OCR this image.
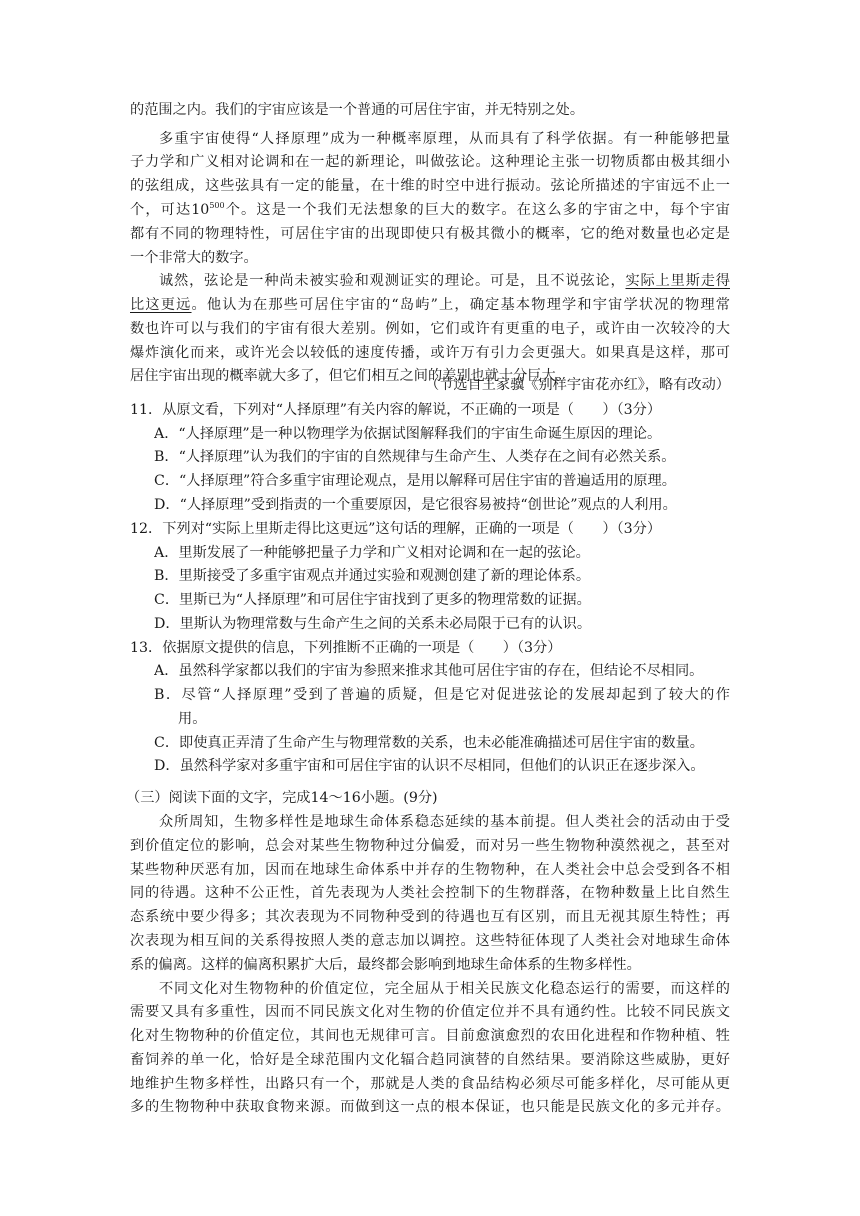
的范围之内。我们的宇宙应该是一个普通的可居住宇宙，并无特别之处。
多重宇宙使得“人择原理”成为一种概率原理，从而具有了科学依据。有一种能够把量
子力学和广义相对论调和在一起的新理论，叫做弦论。这种理论主张一切物质都由极其细小
的弦组成，这些弦具有一定的能量，在十维的时空中进行振动。弦论所描述的宇宙远不止一
个，可达$10^{500}$个。这是一个我们无法想象的巨大的数字。在这么多的宇宙之中，每个宇宙
都有不同的物理特性，可居住宇宙的出现即使只有极其微小的概率，它的绝对数量也必定是
一个非常大的数字。
诚然，弦论是一种尚未被实验和观测证实的理论。可是，且不说弦论，实际上里斯走得
比这更远。他认为在那些可居住宇宙的“岛屿”上，确定基本物理学和宇宙学状况的物理常
数也许可以与我们的宇宙有很大差别。例如，它们或许有更重的电子，或许由一次较冷的大
爆炸演化而来，或许光会以较低的速度传播，或许万有引力会更强大。如果真是这样，那可
居住宇宙出现的概率就大多了，但它们相互之间的差别也就十分巨大。
（节选自王家骥《别样宇宙花亦红》，略有改动）
11．从原文看，下列对“人择原理”有关内容的解说，不正确的一项是（　　）（3分）
A．“人择原理”是一种以物理学为依据试图解释我们的宇宙生命诞生原因的理论。
B．“人择原理”认为我们的宇宙的自然规律与生命产生、人类存在之间有必然关系。
C．“人择原理”符合多重宇宙理论观点，是用以解释可居住宇宙的普遍适用的原理。
D．“人择原理”受到指责的一个重要原因，是它很容易被持“创世论”观点的人利用。
12．下列对“实际上里斯走得比这更远”这句话的理解，正确的一项是（　　）（3分）
A．里斯发展了一种能够把量子力学和广义相对论调和在一起的弦论。
B．里斯接受了多重宇宙观点并通过实验和观测创建了新的理论体系。
C．里斯已为“人择原理”和可居住宇宙找到了更多的物理常数的证据。
D．里斯认为物理常数与生命产生之间的关系未必局限于已有的认识。
13．依据原文提供的信息，下列推断不正确的一项是（　　）（3分）
A．虽然科学家都以我们的宇宙为参照来推求其他可居住宇宙的存在，但结论不尽相同。
B．尽管“人择原理”受到了普遍的质疑，但是它对促进弦论的发展却起到了较大的作
用。
C．即使真正弄清了生命产生与物理常数的关系，也未必能准确描述可居住宇宙的数量。
D．虽然科学家对多重宇宙和可居住宇宙的认识不尽相同，但他们的认识正在逐步深入。
（三）阅读下面的文字，完成14～16小题。(9分)
众所周知，生物多样性是地球生命体系稳态延续的基本前提。但人类社会的活动由于受
到价值定位的影响，总会对某些生物物种过分偏爱，而对另一些生物物种漠然视之，甚至对
某些物种厌恶有加，因而在地球生命体系中并存的生物物种，在人类社会中总会受到各不相
同的待遇。这种不公正性，首先表现为人类社会控制下的生物群落，在物种数量上比自然生
态系统中要少得多；其次表现为不同物种受到的待遇也互有区别，而且无视其原生特性；再
次表现为相互间的关系得按照人类的意志加以调控。这些特征体现了人类社会对地球生命体
系的偏离。这样的偏离积累扩大后，最终都会影响到地球生命体系的生物多样性。
不同文化对生物物种的价值定位，完全屈从于相关民族文化稳态运行的需要，而这样的
需要又具有多重性，因而不同民族文化对生物的价值定位并不具有通约性。比较不同民族文
化对生物物种的价值定位，其间也无规律可言。目前愈演愈烈的农田化进程和作物种植、牲
畜饲养的单一化，恰好是全球范围内文化辐合趋同演替的自然结果。要消除这些威胁，更好
地维护生物多样性，出路只有一个，那就是人类的食品结构必须尽可能多样化，尽可能从更
多的生物物种中获取食物来源。而做到这一点的根本保证，也只能是民族文化的多元并存。
